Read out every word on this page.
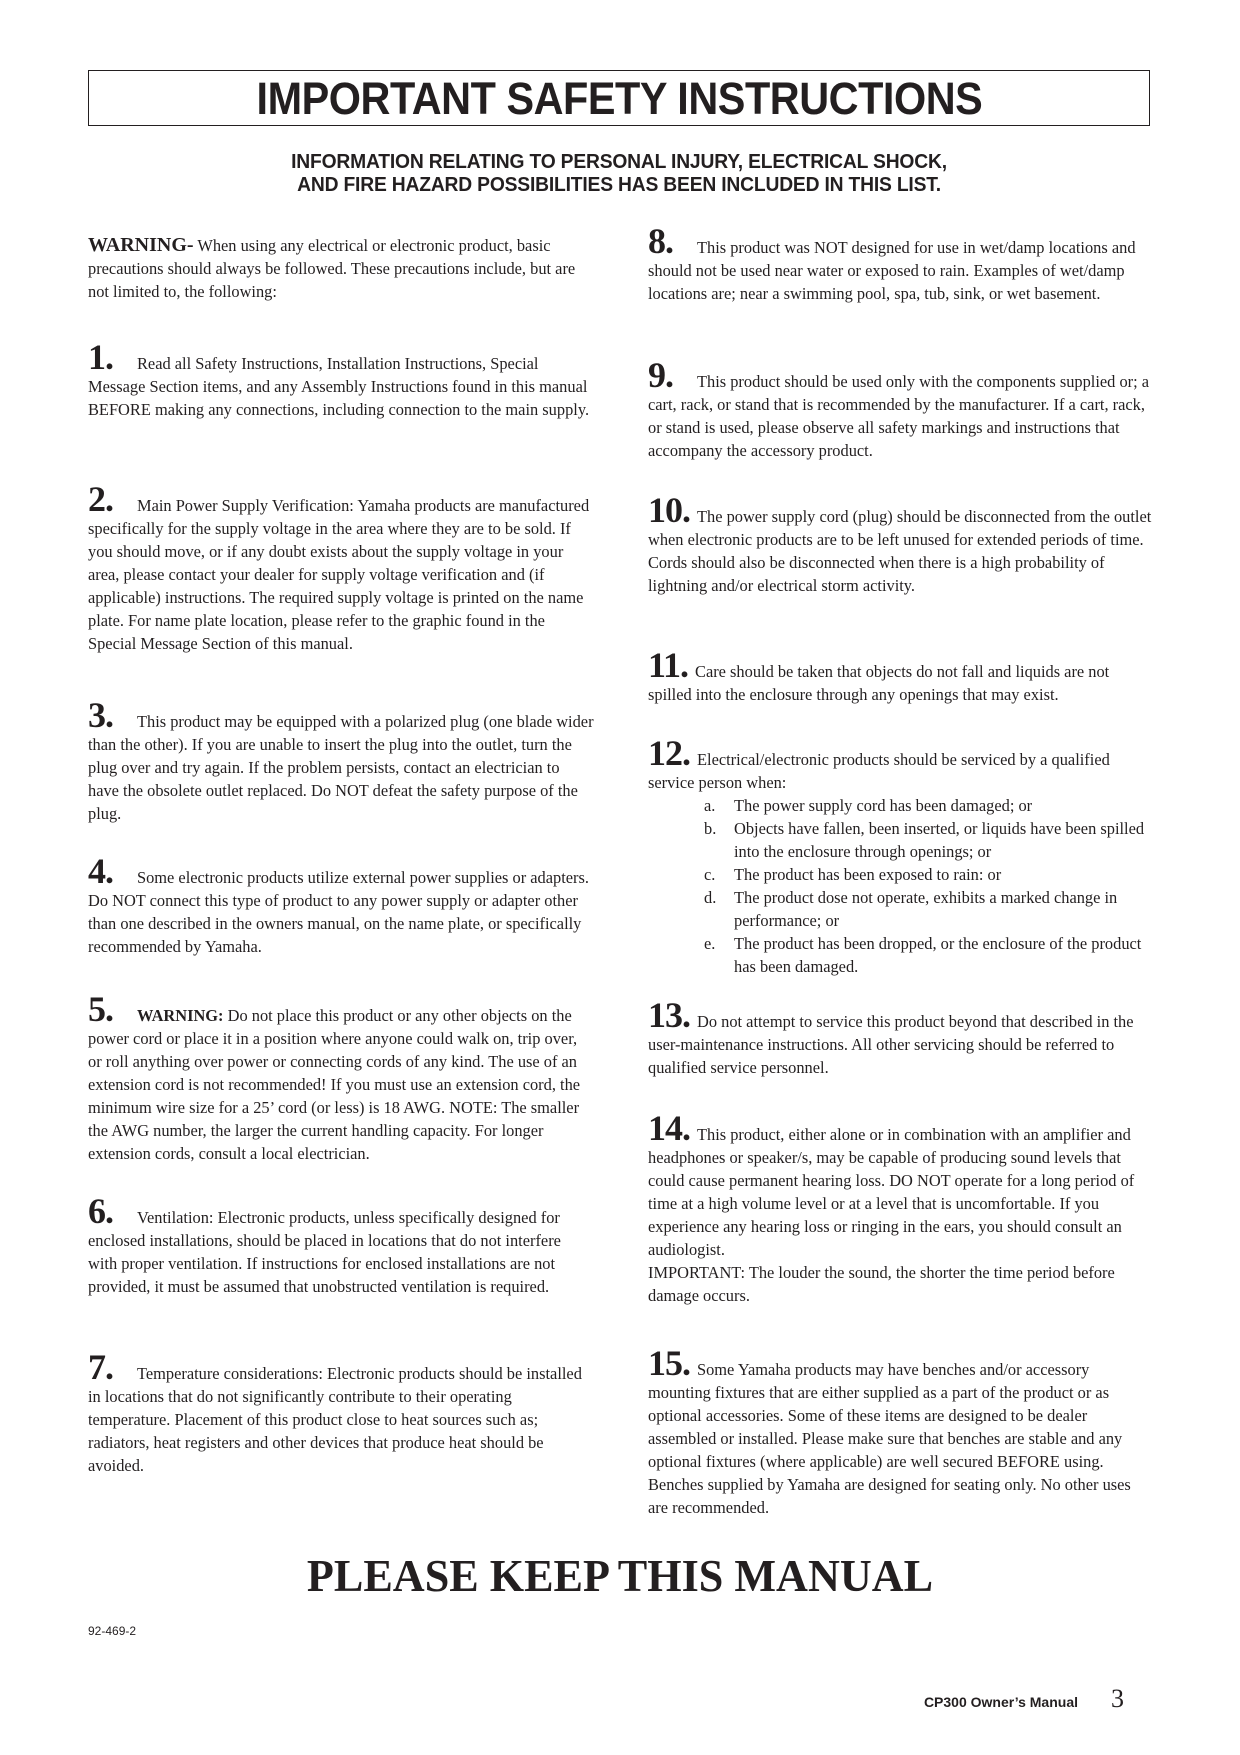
IMPORTANT SAFETY INSTRUCTIONS
INFORMATION RELATING TO PERSONAL INJURY, ELECTRICAL SHOCK,
AND FIRE HAZARD POSSIBILITIES HAS BEEN INCLUDED IN THIS LIST.

WARNING- When using any electrical or electronic product, basic precautions should always be followed. These precautions include, but are not limited to, the following:

1. Read all Safety Instructions, Installation Instructions, Special Message Section items, and any Assembly Instructions found in this manual BEFORE making any connections, including connection to the main supply.

2. Main Power Supply Verification: Yamaha products are manufactured specifically for the supply voltage in the area where they are to be sold. If you should move, or if any doubt exists about the supply voltage in your area, please contact your dealer for supply voltage verification and (if applicable) instructions. The required supply voltage is printed on the name plate. For name plate location, please refer to the graphic found in the Special Message Section of this manual.

3. This product may be equipped with a polarized plug (one blade wider than the other). If you are unable to insert the plug into the outlet, turn the plug over and try again. If the problem persists, contact an electrician to have the obsolete outlet replaced. Do NOT defeat the safety purpose of the plug.

4. Some electronic products utilize external power supplies or adapters. Do NOT connect this type of product to any power supply or adapter other than one described in the owners manual, on the name plate, or specifically recommended by Yamaha.

5. WARNING: Do not place this product or any other objects on the power cord or place it in a position where anyone could walk on, trip over, or roll anything over power or connecting cords of any kind. The use of an extension cord is not recommended! If you must use an extension cord, the minimum wire size for a 25’ cord (or less) is 18 AWG. NOTE: The smaller the AWG number, the larger the current handling capacity. For longer extension cords, consult a local electrician.

6. Ventilation: Electronic products, unless specifically designed for enclosed installations, should be placed in locations that do not interfere with proper ventilation. If instructions for enclosed installations are not provided, it must be assumed that unobstructed ventilation is required.

7. Temperature considerations: Electronic products should be installed in locations that do not significantly contribute to their operating temperature. Placement of this product close to heat sources such as; radiators, heat registers and other devices that produce heat should be avoided.

8. This product was NOT designed for use in wet/damp locations and should not be used near water or exposed to rain. Examples of wet/damp locations are; near a swimming pool, spa, tub, sink, or wet basement.

9. This product should be used only with the components supplied or; a cart, rack, or stand that is recommended by the manufacturer. If a cart, rack, or stand is used, please observe all safety markings and instructions that accompany the accessory product.

10. The power supply cord (plug) should be disconnected from the outlet when electronic products are to be left unused for extended periods of time. Cords should also be disconnected when there is a high probability of lightning and/or electrical storm activity.

11. Care should be taken that objects do not fall and liquids are not spilled into the enclosure through any openings that may exist.

12. Electrical/electronic products should be serviced by a qualified service person when:

a. The power supply cord has been damaged; or
b. Objects have fallen, been inserted, or liquids have been spilled into the enclosure through openings; or
c. The product has been exposed to rain: or
d. The product dose not operate, exhibits a marked change in performance; or
e. The product has been dropped, or the enclosure of the product has been damaged.

13. Do not attempt to service this product beyond that described in the user-maintenance instructions. All other servicing should be referred to qualified service personnel.

14. This product, either alone or in combination with an amplifier and headphones or speaker/s, may be capable of producing sound levels that could cause permanent hearing loss. DO NOT operate for a long period of time at a high volume level or at a level that is uncomfortable. If you experience any hearing loss or ringing in the ears, you should consult an audiologist.

IMPORTANT: The louder the sound, the shorter the time period before damage occurs.

15. Some Yamaha products may have benches and/or accessory mounting fixtures that are either supplied as a part of the product or as optional accessories. Some of these items are designed to be dealer assembled or installed. Please make sure that benches are stable and any optional fixtures (where applicable) are well secured BEFORE using. Benches supplied by Yamaha are designed for seating only. No other uses are recommended.

PLEASE KEEP THIS MANUAL
92-469-2
CP300 Owner’s Manual 3
